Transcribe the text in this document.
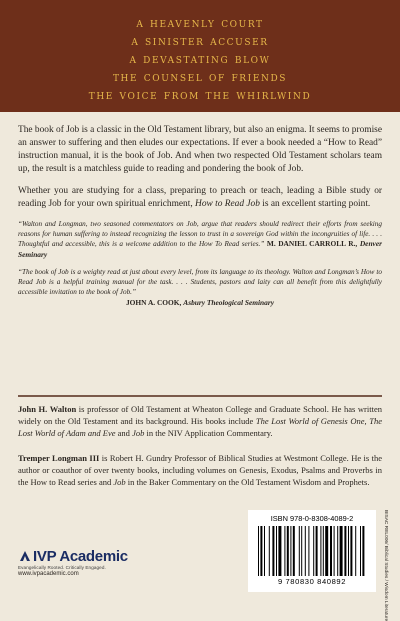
a heavenly court
a sinister accuser
a devastating blow
the counsel of friends
the voice from the whirlwind

The book of Job is a classic in the Old Testament library, but also an enigma. It seems to promise an answer to suffering and then eludes our expectations. If ever a book needed a “How to Read” instruction manual, it is the book of Job. And when two respected Old Testament scholars team up, the result is a matchless guide to reading and pondering the book of Job.

Whether you are studying for a class, preparing to preach or teach, leading a Bible study or reading Job for your own spiritual enrichment, How to Read Job is an excellent starting point.

“Walton and Longman, two seasoned commentators on Job, argue that readers should redirect their efforts from seeking reasons for human suffering to instead recognizing the lesson to trust in a sovereign God within the incongruities of life. . . . Thoughtful and accessible, this is a welcome addition to the How To Read series.” M. DANIEL CARROLL R., Denver Seminary

“The book of Job is a weighty read at just about every level, from its language to its theology. Walton and Longman’s How to Read Job is a helpful training manual for the task. . . . Students, pastors and laity can all benefit from this delightfully accessible invitation to the book of Job.”
JOHN A. COOK, Asbury Theological Seminary

John H. Walton is professor of Old Testament at Wheaton College and Graduate School. He has written widely on the Old Testament and its background. His books include The Lost World of Genesis One, The Lost World of Adam and Eve and Job in the NIV Application Commentary.
Tremper Longman III is Robert H. Gundry Professor of Biblical Studies at Westmont College. He is the author or coauthor of over twenty books, including volumes on Genesis, Exodus, Psalms and Proverbs in the How to Read series and Job in the Baker Commentary on the Old Testament Wisdom and Prophets.
IVP Academic
Evangelically Rooted. Critically Engaged.
www.ivpacademic.com
ISBN 978-0-8308-4089-2
9 780830 840892	BISAC REL006/ Biblical Studies / Wisdom Literature
